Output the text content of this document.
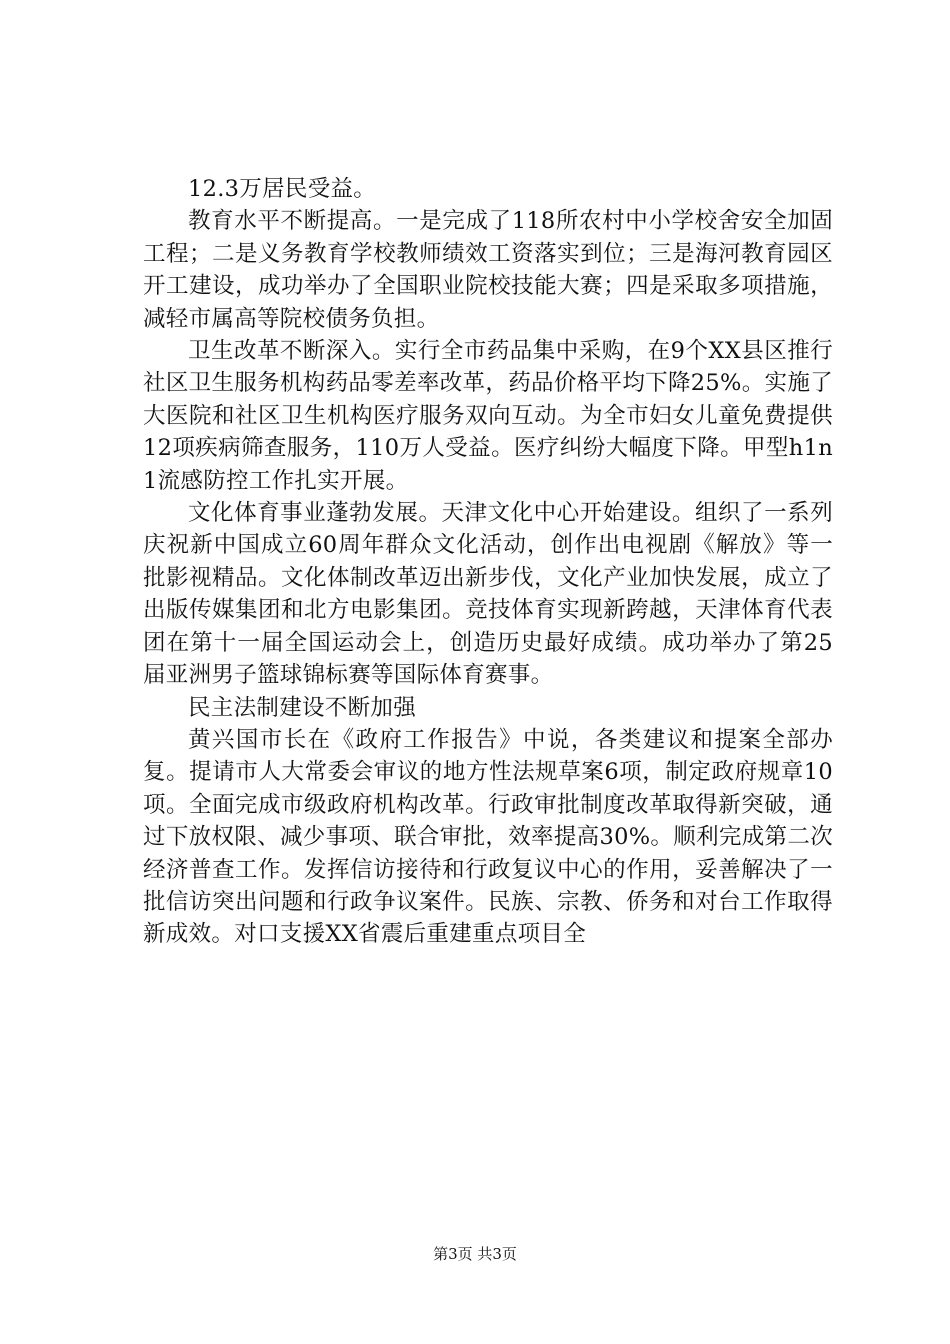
12.3万居民受益。

教育水平不断提高。一是完成了118所农村中小学校舍安全加固工程；二是义务教育学校教师绩效工资落实到位；三是海河教育园区开工建设，成功举办了全国职业院校技能大赛；四是采取多项措施，减轻市属高等院校债务负担。

卫生改革不断深入。实行全市药品集中采购，在9个XX县区推行社区卫生服务机构药品零差率改革，药品价格平均下降25%。实施了大医院和社区卫生机构医疗服务双向互动。为全市妇女儿童免费提供12项疾病筛查服务，110万人受益。医疗纠纷大幅度下降。甲型h1n1流感防控工作扎实开展。

文化体育事业蓬勃发展。天津文化中心开始建设。组织了一系列庆祝新中国成立60周年群众文化活动，创作出电视剧《解放》等一批影视精品。文化体制改革迈出新步伐，文化产业加快发展，成立了出版传媒集团和北方电影集团。竞技体育实现新跨越，天津体育代表团在第十一届全国运动会上，创造历史最好成绩。成功举办了第25届亚洲男子篮球锦标赛等国际体育赛事。

民主法制建设不断加强

黄兴国市长在《政府工作报告》中说，各类建议和提案全部办复。提请市人大常委会审议的地方性法规草案6项，制定政府规章10项。全面完成市级政府机构改革。行政审批制度改革取得新突破，通过下放权限、减少事项、联合审批，效率提高30%。顺利完成第二次经济普查工作。发挥信访接待和行政复议中心的作用，妥善解决了一批信访突出问题和行政争议案件。民族、宗教、侨务和对台工作取得新成效。对口支援XX省震后重建重点项目全

第3页 共3页
